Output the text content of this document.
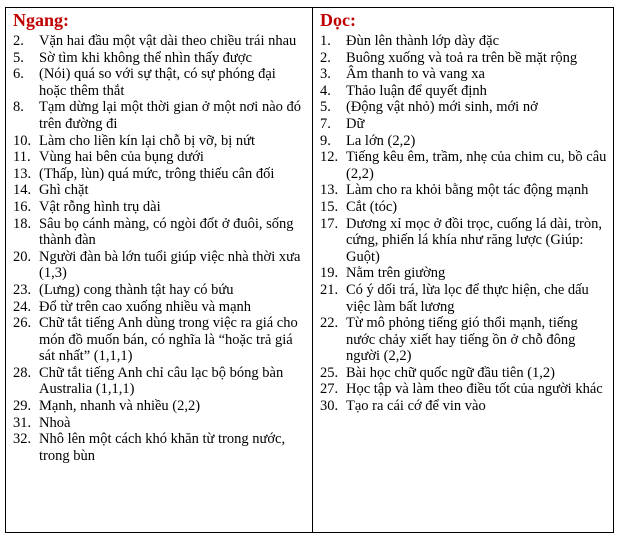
Ngang:
2.	Vặn hai đầu một vật dài theo chiều trái nhau
5.	Sờ tìm khi không thể nhìn thấy được
6.	(Nói) quá so với sự thật, có sự phóng đại hoặc thêm thắt
8.	Tạm dừng lại một thời gian ở một nơi nào đó trên đường đi
10. Làm cho liền kín lại chỗ bị vỡ, bị nứt
11. Vùng hai bên của bụng dưới
13. (Thấp, lùn) quá mức, trông thiếu cân đối
14. Ghì chặt
16. Vật rỗng hình trụ dài
18. Sâu bọ cánh màng, có ngòi đốt ở đuôi, sống thành đàn
20. Người đàn bà lớn tuổi giúp việc nhà thời xưa (1,3)
23. (Lưng) cong thành tật hay có bứu
24. Đổ từ trên cao xuống nhiều và mạnh
26. Chữ tắt tiếng Anh dùng trong việc ra giá cho món đồ muốn bán, có nghĩa là “hoặc trả giá sát nhất” (1,1,1)
28. Chữ tắt tiếng Anh chỉ câu lạc bộ bóng bàn Australia (1,1,1)
29. Mạnh, nhanh và nhiều (2,2)
31. Nhoà
32. Nhô lên một cách khó khăn từ trong nước, trong bùn
Dọc:
1.	Đùn lên thành lớp dày đặc
2.	Buông xuống và toả ra trên bề mặt rộng
3.	Âm thanh to và vang xa
4.	Thảo luận để quyết định
5.	(Động vật nhỏ) mới sinh, mới nở
7.	Dữ
9.	La lớn (2,2)
12. Tiếng kêu êm, trầm, nhẹ của chim cu, bồ câu (2,2)
13. Làm cho ra khỏi bằng một tác động mạnh
15. Cắt (tóc)
17. Dương xỉ mọc ở đồi trọc, cuống lá dài, tròn, cứng, phiến lá khía như răng lược (Giúp: Guột)
19. Nằm trên giường
21. Có ý dối trá, lừa lọc để thực hiện, che dấu việc làm bất lương
22. Từ mô phỏng tiếng gió thổi mạnh, tiếng nước chảy xiết hay tiếng ồn ở chỗ đông người (2,2)
25. Bài học chữ quốc ngữ đầu tiên (1,2)
27. Học tập và làm theo điều tốt của người khác
30. Tạo ra cái cớ để vin vào
